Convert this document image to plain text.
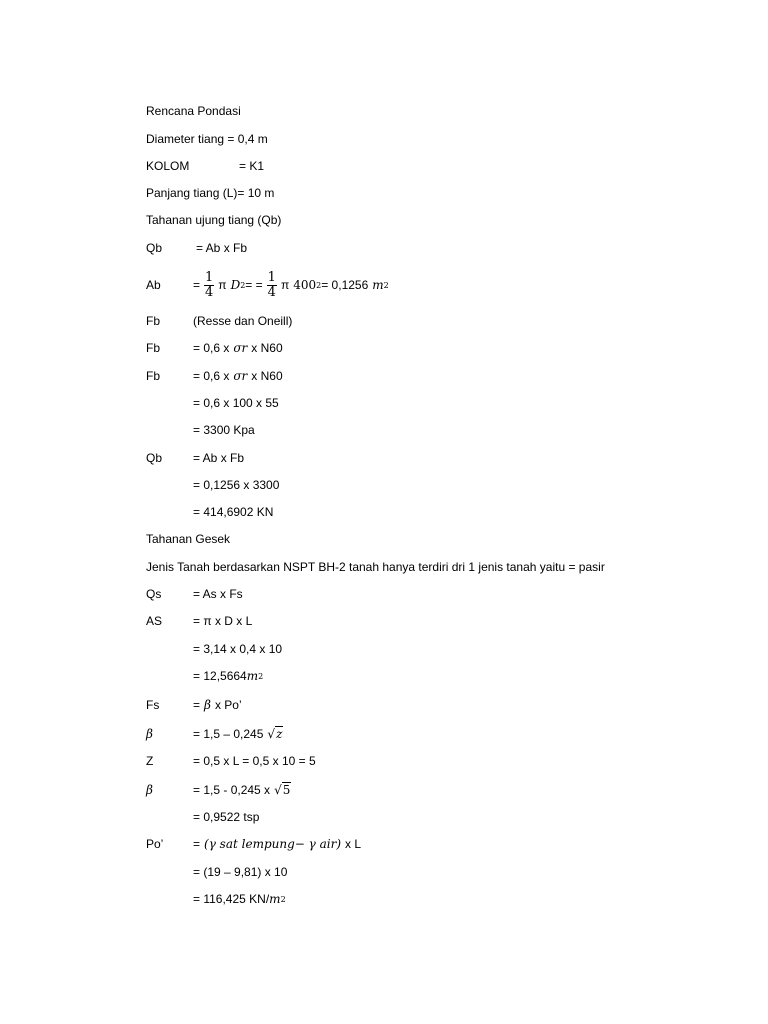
Rencana Pondasi
Diameter tiang = 0,4 m
KOLOM	= K1
Panjang tiang (L)= 10 m
Tahanan ujung tiang (Qb)
Qb	= Ab x Fb
Ab	= $\frac{1}{4}$ π D 2 = = $\frac{1}{4}$ π 400 2 = 0,1256 m 2
Fb	(Resse dan Oneill)
Fb	= 0,6 x σr x N60
Fb	= 0,6 x σr x N60
= 0,6 x 100 x 55
= 3300 Kpa
Qb	= Ab x Fb
= 0,1256 x 3300
= 414,6902 KN
Tahanan Gesek
Jenis Tanah berdasarkan NSPT BH-2 tanah hanya terdiri dri 1 jenis tanah yaitu = pasir
Qs	= As x Fs
AS	= π x D x L
= 3,14 x 0,4 x 10
= 12,5664 m 2
Fs	= β x Po’
β	= 1,5 – 0,245 √z
Z	= 0,5 x L = 0,5 x 10 = 5
β	= 1,5 - 0,245 x √5
= 0,9522 tsp
Po’	= (γ sat lempung− γ air) x L
= (19 – 9,81) x 10
= 116,425 KN/ m 2
